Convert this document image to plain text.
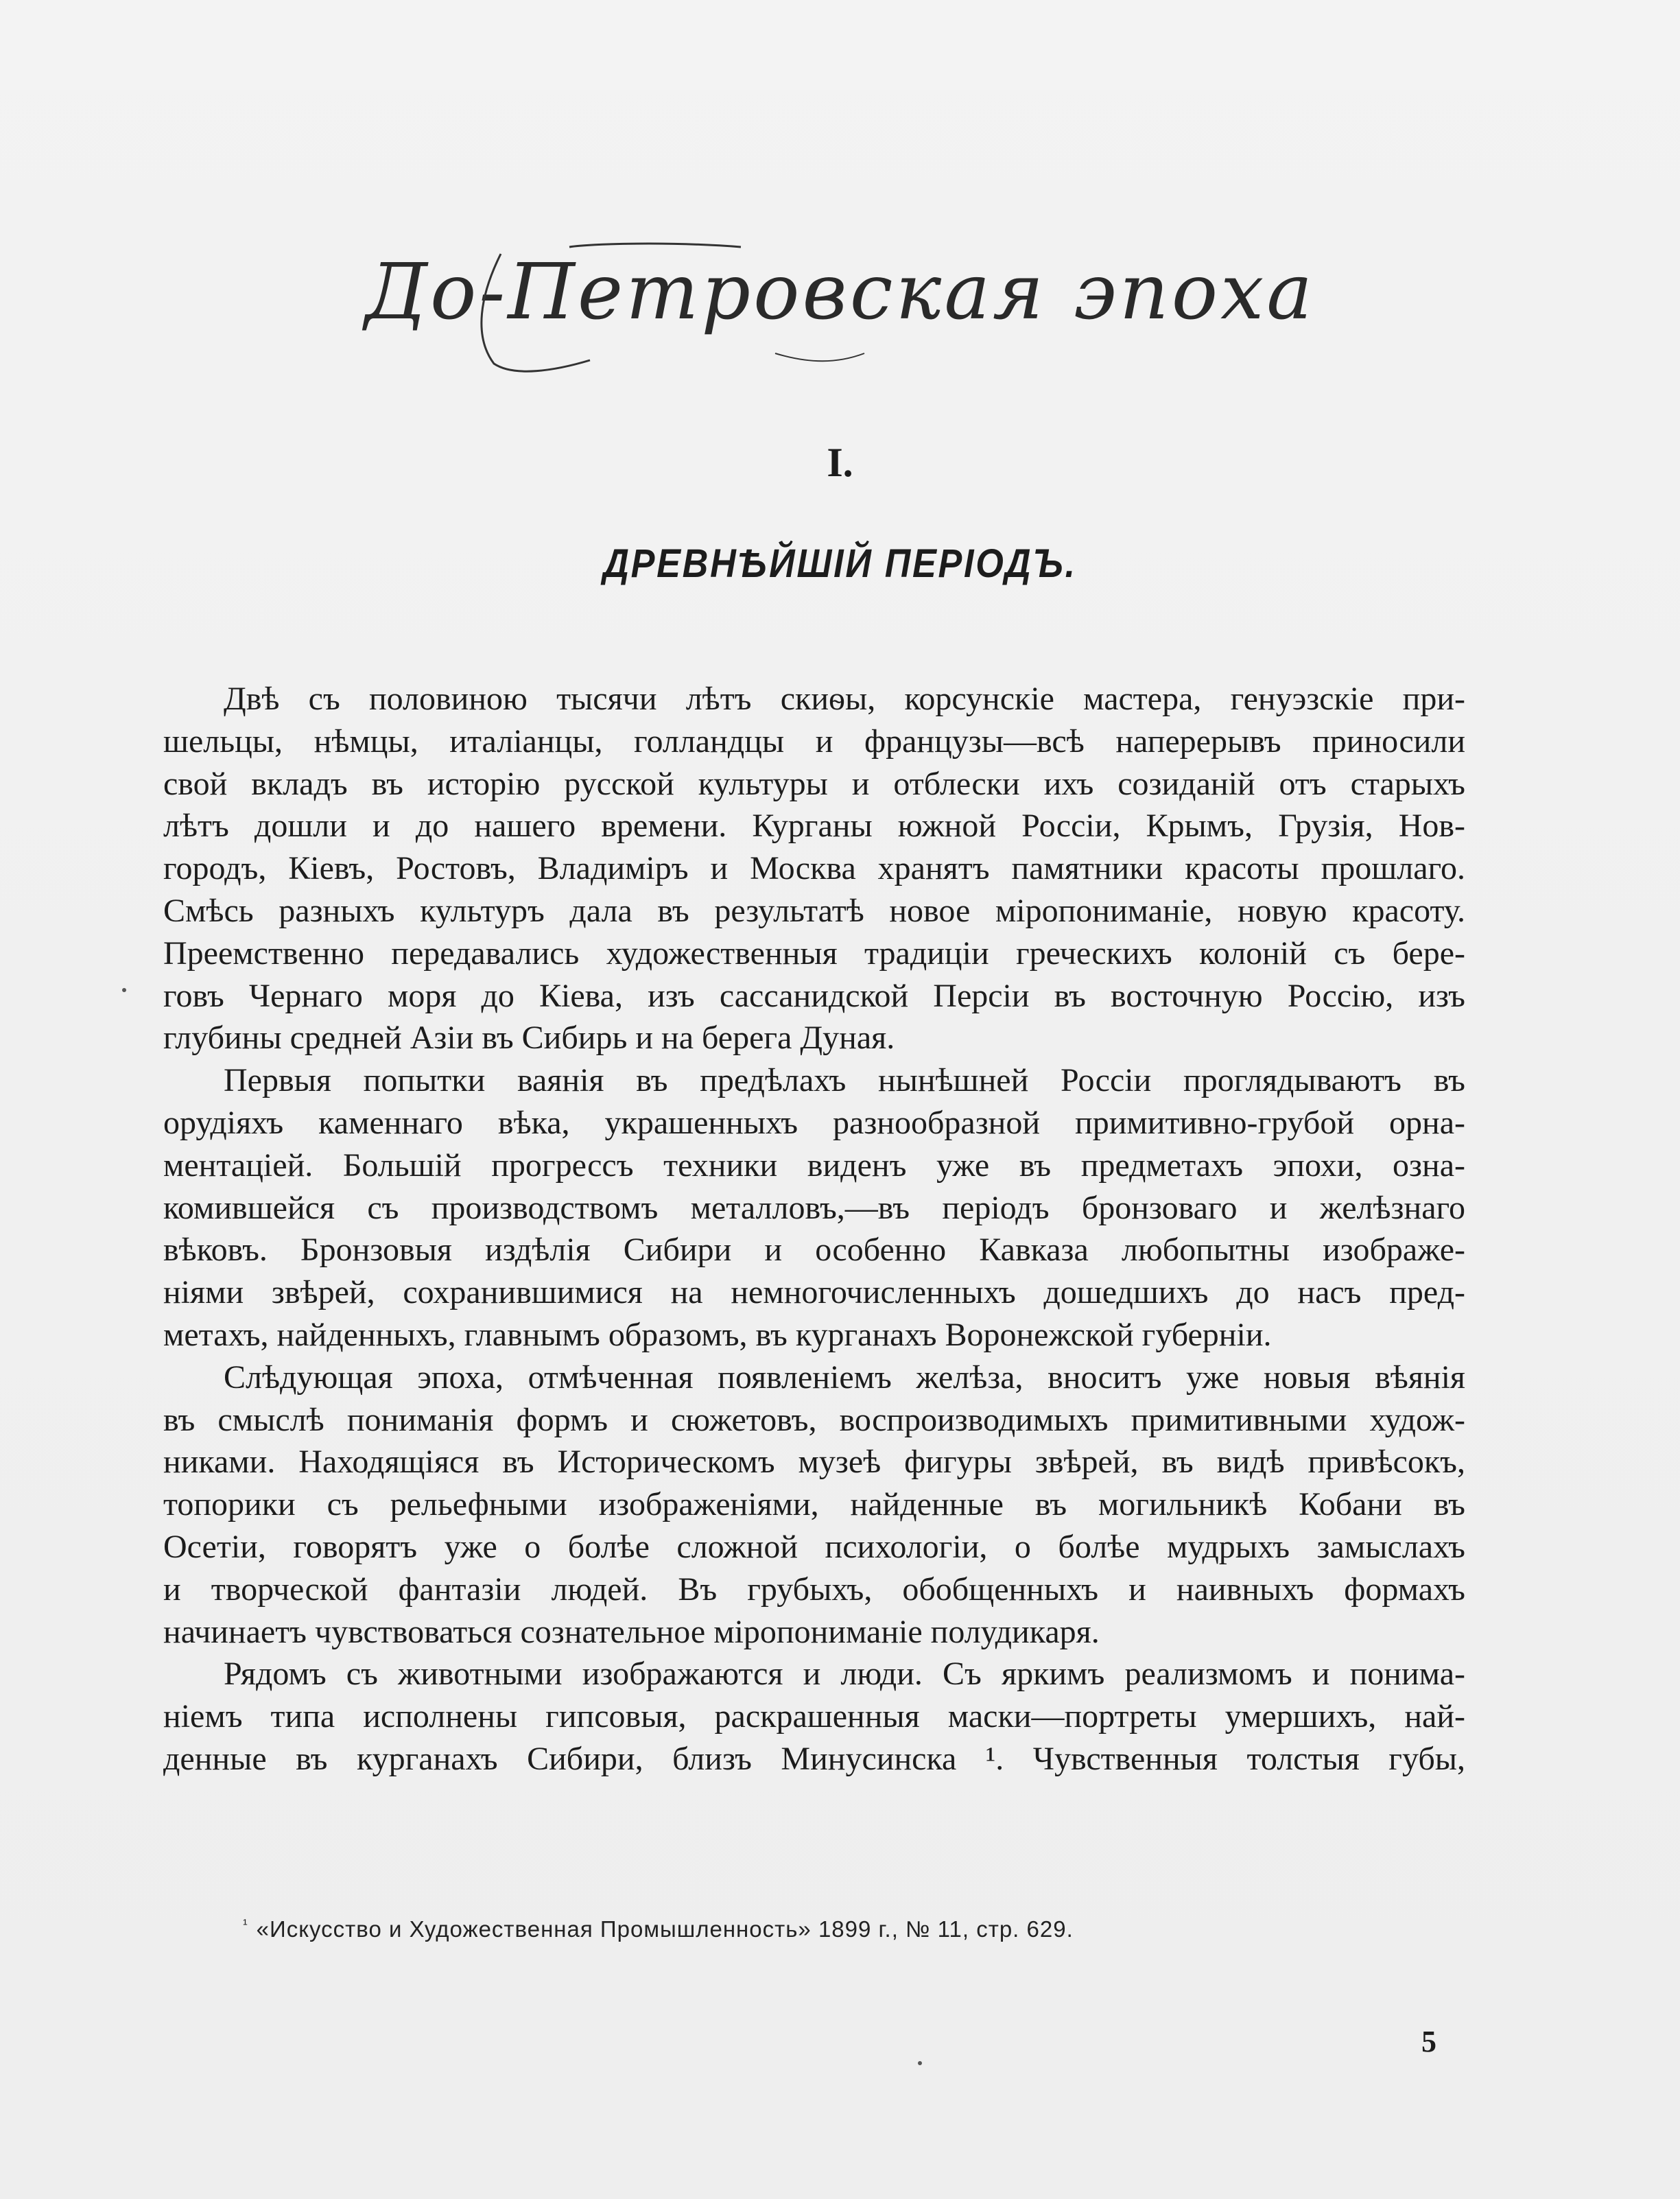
До-Петровская эпоха
I.
ДРЕВНѢЙШІЙ ПЕРІОДЪ.
Двѣ съ половиною тысячи лѣтъ скиѳы, корсунскіе мастера, генуэзскіе при-
шельцы, нѣмцы, италіанцы, голландцы и французы—всѣ наперерывъ приносили
свой вкладъ въ исторію русской культуры и отблески ихъ созиданій отъ старыхъ
лѣтъ дошли и до нашего времени. Курганы южной Россіи, Крымъ, Грузія, Нов-
городъ, Кіевъ, Ростовъ, Владиміръ и Москва хранятъ памятники красоты прошлаго.
Смѣсь разныхъ культуръ дала въ результатѣ новое міропониманіе, новую красоту.
Преемственно передавались художественныя традиціи греческихъ колоній съ бере-
говъ Чернаго моря до Кіева, изъ сассанидской Персіи въ восточную Россію, изъ
глубины средней Азіи въ Сибирь и на берега Дуная.
Первыя попытки ваянія въ предѣлахъ нынѣшней Россіи проглядываютъ въ
орудіяхъ каменнаго вѣка, украшенныхъ разнообразной примитивно-грубой орна-
ментаціей. Большій прогрессъ техники виденъ уже въ предметахъ эпохи, озна-
комившейся съ производствомъ металловъ,—въ періодъ бронзоваго и желѣзнаго
вѣковъ. Бронзовыя издѣлія Сибири и особенно Кавказа любопытны изображе-
ніями звѣрей, сохранившимися на немногочисленныхъ дошедшихъ до насъ пред-
метахъ, найденныхъ, главнымъ образомъ, въ курганахъ Воронежской губерніи.
Слѣдующая эпоха, отмѣченная появленіемъ желѣза, вноситъ уже новыя вѣянія
въ смыслѣ пониманія формъ и сюжетовъ, воспроизводимыхъ примитивными худож-
никами. Находящіяся въ Историческомъ музеѣ фигуры звѣрей, въ видѣ привѣсокъ,
топорики съ рельефными изображеніями, найденные въ могильникѣ Кобани въ
Осетіи, говорятъ уже о болѣе сложной психологіи, о болѣе мудрыхъ замыслахъ
и творческой фантазіи людей. Въ грубыхъ, обобщенныхъ и наивныхъ формахъ
начинаетъ чувствоваться сознательное міропониманіе полудикаря.
Рядомъ съ животными изображаются и люди. Съ яркимъ реализмомъ и понима-
ніемъ типа исполнены гипсовыя, раскрашенныя маски—портреты умершихъ, най-
денные въ курганахъ Сибири, близъ Минусинска ¹. Чувственныя толстыя губы,
$^{^1}$ «Искусство и Художественная Промышленность» 1899 г., № 11, стр. 629.
5
